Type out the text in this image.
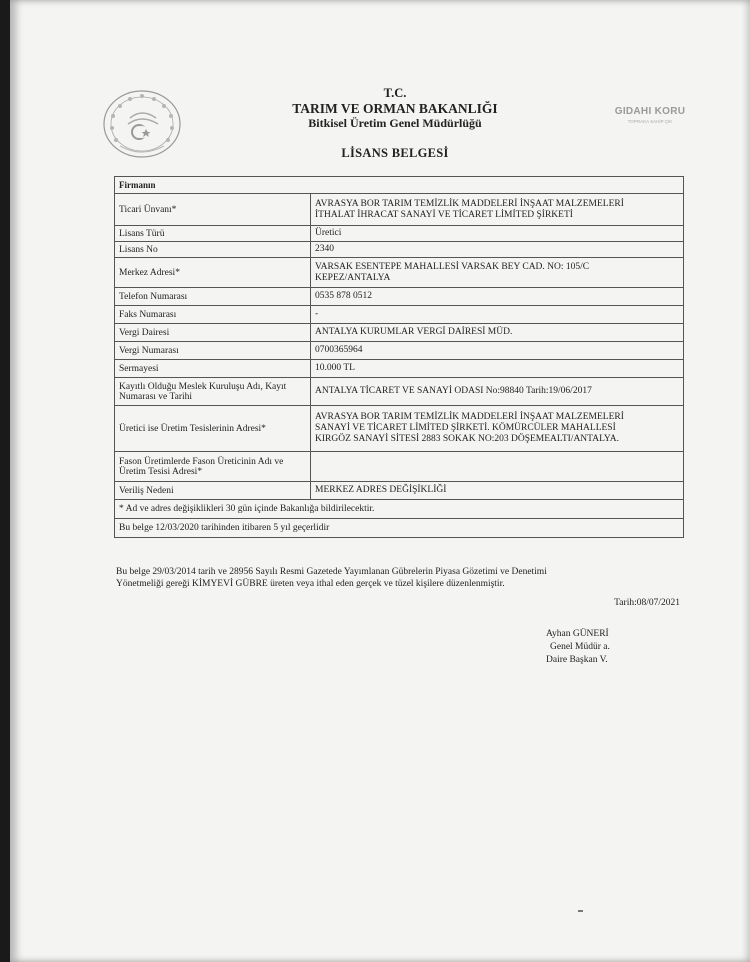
GIDAHI KORU
TOPRAKA SAHİP ÇIK
T.C.
TARIM VE ORMAN BAKANLIĞI
Bitkisel Üretim Genel Müdürlüğü
LİSANS BELGESİ
Firmanın	
Ticari Ünvanı*	AVRASYA BOR TARIM TEMİZLİK MADDELERİ İNŞAAT MALZEMELERİ
İTHALAT İHRACAT SANAYİ VE TİCARET LİMİTED ŞİRKETİ

Lisans Türü	Üretici

Lisans No	2340

Merkez Adresi*	VARSAK ESENTEPE MAHALLESİ VARSAK BEY CAD. NO: 105/C
KEPEZ/ANTALYA

Telefon Numarası	0535 878 0512

Faks Numarası	-

Vergi Dairesi	ANTALYA KURUMLAR VERGİ DAİRESİ MÜD.

Vergi Numarası	0700365964

Sermayesi	10.000 TL

Kayıtlı Olduğu Meslek Kuruluşu Adı, Kayıt Numarası ve Tarihi	ANTALYA TİCARET VE SANAYİ ODASI No:98840 Tarih:19/06/2017

Üretici ise Üretim Tesislerinin Adresi*	AVRASYA BOR TARIM TEMİZLİK MADDELERİ İNŞAAT MALZEMELERİ
SANAYİ VE TİCARET LİMİTED ŞİRKETİ. KÖMÜRCÜLER MAHALLESİ
KIRGÖZ SANAYİ SİTESİ 2883 SOKAK NO:203 DÖŞEMEALTI/ANTALYA.

Fason Üretimlerde Fason Üreticinin Adı ve Üretim Tesisi Adresi*	

Veriliş Nedeni	MERKEZ ADRES DEĞİŞİKLİĞİ

* Ad ve adres değişiklikleri 30 gün içinde Bakanlığa bildirilecektir.	
Bu belge 12/03/2020 tarihinden itibaren 5 yıl geçerlidir	
Bu belge 29/03/2014 tarih ve 28956 Sayılı Resmi Gazetede Yayımlanan Gübrelerin Piyasa Gözetimi ve Denetimi
Yönetmeliği gereği KİMYEVİ GÜBRE üreten veya ithal eden gerçek ve tüzel kişilere düzenlenmiştir.
Tarih:08/07/2021
Ayhan GÜNERİ
Genel Müdür a.
Daire Başkan V.
